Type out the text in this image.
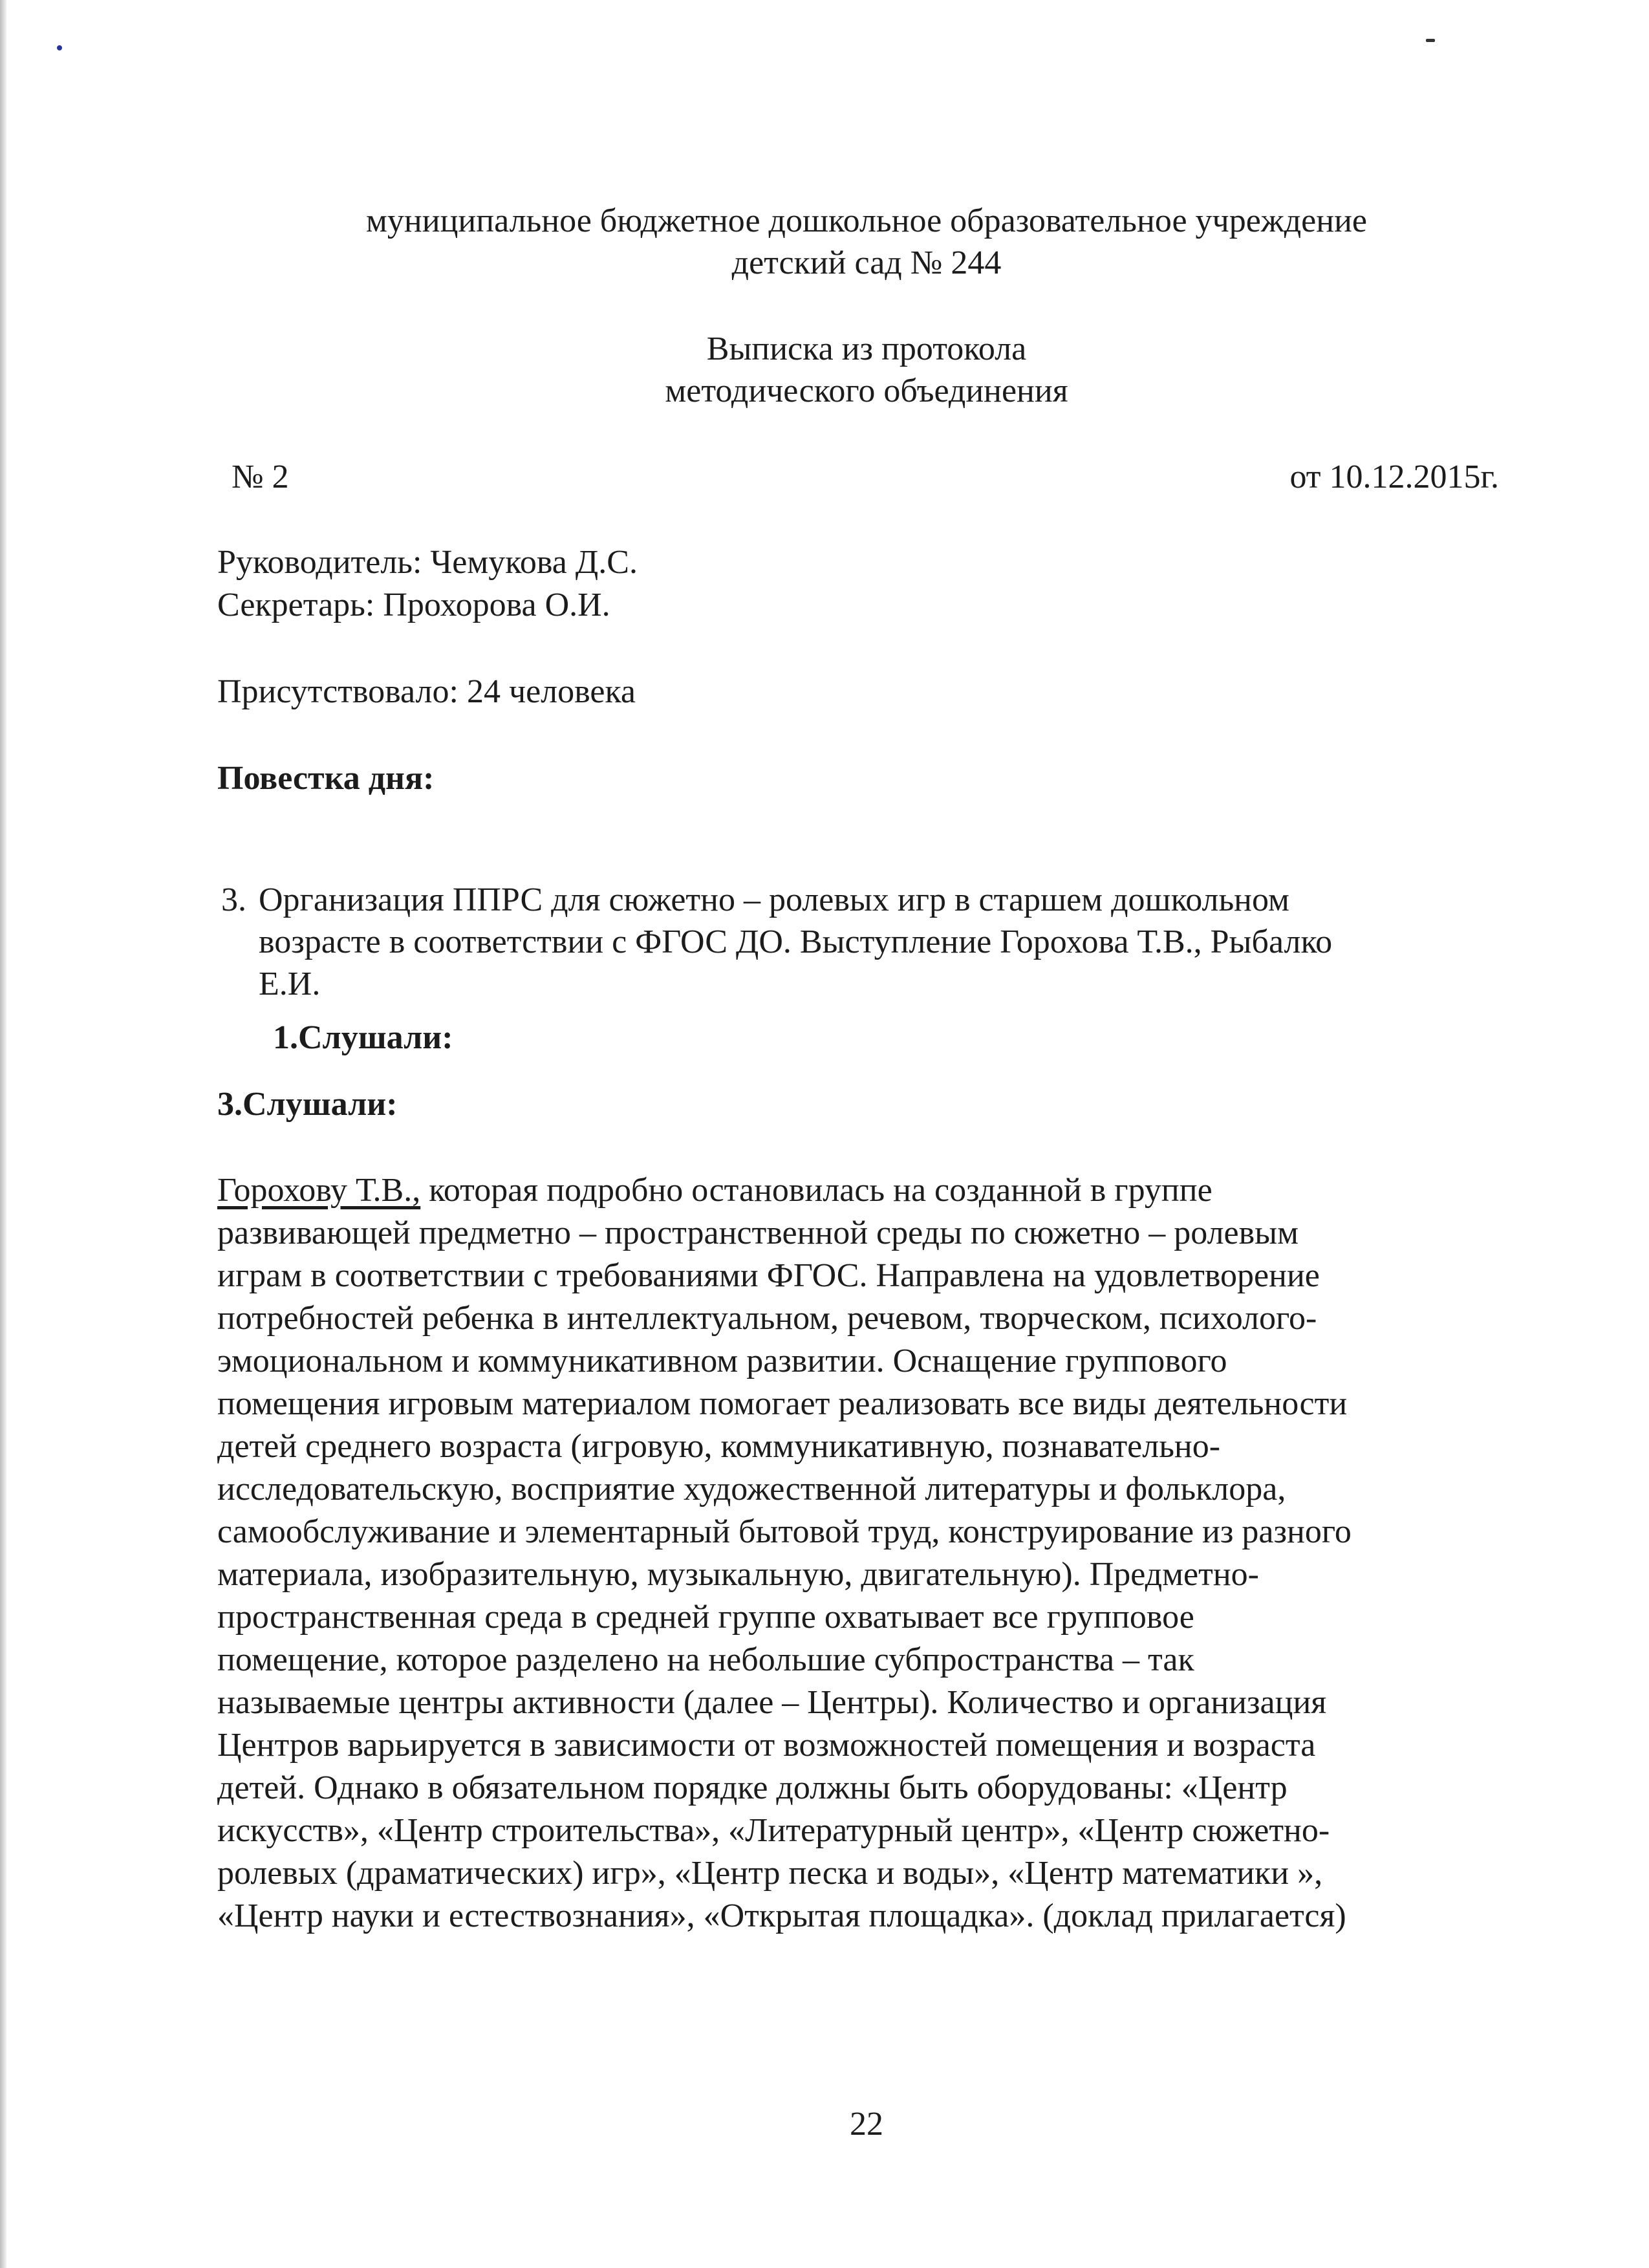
муниципальное бюджетное дошкольное образовательное учреждение

детский сад № 244

Выписка из протокола

методического объединения

№ 2	от 10.12.2015г.

Руководитель: Чемукова Д.С.

Секретарь: Прохорова О.И.

Присутствовало: 24 человека

Повестка дня:

3. Организация ППРС для сюжетно – ролевых игр в старшем дошкольном

возрасте в соответствии с ФГОС ДО. Выступление Горохова Т.В., Рыбалко

Е.И.

1.Слушали:

3.Слушали:

Горохову Т.В., которая подробно остановилась на созданной в группе

развивающей предметно – пространственной среды по сюжетно – ролевым

играм в соответствии с требованиями ФГОС. Направлена на удовлетворение

потребностей ребенка в интеллектуальном, речевом, творческом, психолого-

эмоциональном и коммуникативном развитии. Оснащение группового

помещения игровым материалом помогает реализовать все виды деятельности

детей среднего возраста (игровую, коммуникативную, познавательно-

исследовательскую, восприятие художественной литературы и фольклора,

самообслуживание и элементарный бытовой труд, конструирование из разного

материала, изобразительную, музыкальную, двигательную). Предметно-

пространственная среда в средней группе охватывает все групповое

помещение, которое разделено на небольшие субпространства – так

называемые центры активности (далее – Центры). Количество и организация

Центров варьируется в зависимости от возможностей помещения и возраста

детей. Однако в обязательном порядке должны быть оборудованы: «Центр

искусств», «Центр строительства», «Литературный центр», «Центр сюжетно-

ролевых (драматических) игр», «Центр песка и воды», «Центр математики »,

«Центр науки и естествознания», «Открытая площадка». (доклад прилагается)

22
